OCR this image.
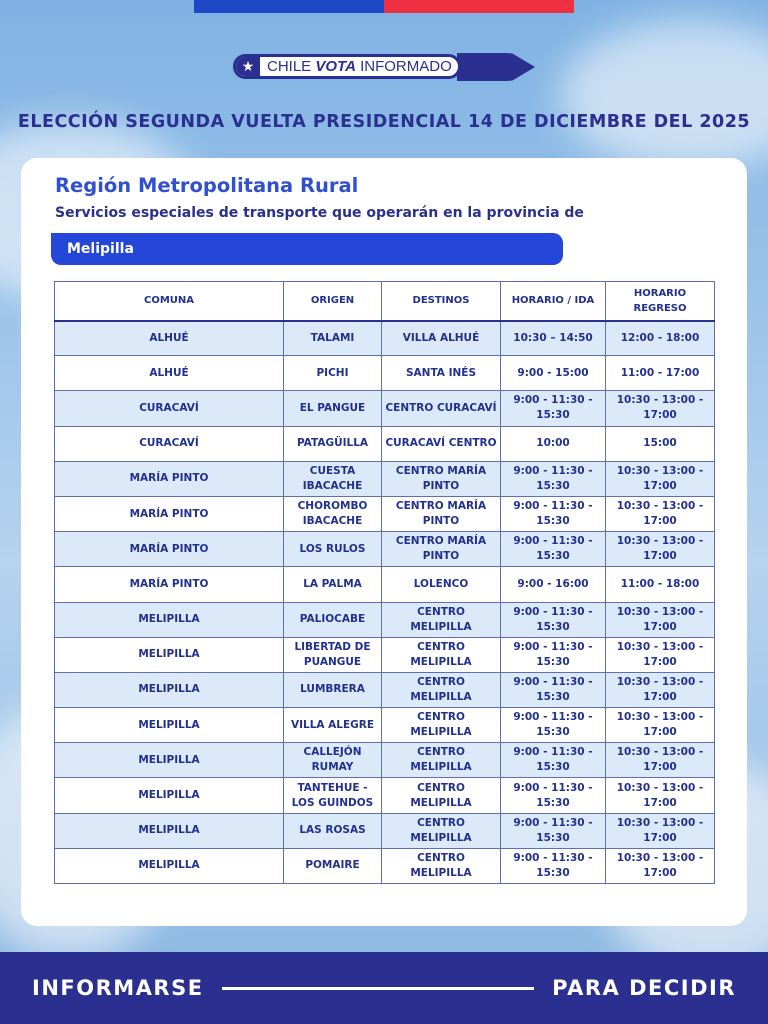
★ CHILE VOTA INFORMADO
ELECCIÓN SEGUNDA VUELTA PRESIDENCIAL 14 DE DICIEMBRE DEL 2025
Región Metropolitana Rural
Servicios especiales de transporte que operarán en la provincia de
Melipilla
COMUNA	ORIGEN	DESTINOS	HORARIO / IDA	HORARIO REGRESO
ALHUÉ	TALAMI	VILLA ALHUÉ	10:30 – 14:50	12:00 - 18:00
ALHUÉ	PICHI	SANTA INÉS	9:00 - 15:00	11:00 - 17:00
CURACAVÍ	EL PANGUE	CENTRO CURACAVÍ	9:00 - 11:30 - 15:30	10:30 - 13:00 - 17:00
CURACAVÍ	PATAGÜILLA	CURACAVÍ CENTRO	10:00	15:00
MARÍA PINTO	CUESTA IBACACHE	CENTRO MARÍA PINTO	9:00 - 11:30 - 15:30	10:30 - 13:00 - 17:00
MARÍA PINTO	CHOROMBO IBACACHE	CENTRO MARÍA PINTO	9:00 - 11:30 - 15:30	10:30 - 13:00 - 17:00
MARÍA PINTO	LOS RULOS	CENTRO MARÍA PINTO	9:00 - 11:30 - 15:30	10:30 - 13:00 - 17:00
MARÍA PINTO	LA PALMA	LOLENCO	9:00 - 16:00	11:00 - 18:00
MELIPILLA	PALIOCABE	CENTRO MELIPILLA	9:00 - 11:30 - 15:30	10:30 - 13:00 - 17:00
MELIPILLA	LIBERTAD DE PUANGUE	CENTRO MELIPILLA	9:00 - 11:30 - 15:30	10:30 - 13:00 - 17:00
MELIPILLA	LUMBRERA	CENTRO MELIPILLA	9:00 - 11:30 - 15:30	10:30 - 13:00 - 17:00
MELIPILLA	VILLA ALEGRE	CENTRO MELIPILLA	9:00 - 11:30 - 15:30	10:30 - 13:00 - 17:00
MELIPILLA	CALLEJÓN RUMAY	CENTRO MELIPILLA	9:00 - 11:30 - 15:30	10:30 - 13:00 - 17:00
MELIPILLA	TANTEHUE - LOS GUINDOS	CENTRO MELIPILLA	9:00 - 11:30 - 15:30	10:30 - 13:00 - 17:00
MELIPILLA	LAS ROSAS	CENTRO MELIPILLA	9:00 - 11:30 - 15:30	10:30 - 13:00 - 17:00
MELIPILLA	POMAIRE	CENTRO MELIPILLA	9:00 - 11:30 - 15:30	10:30 - 13:00 - 17:00
INFORMARSE	PARA DECIDIR
